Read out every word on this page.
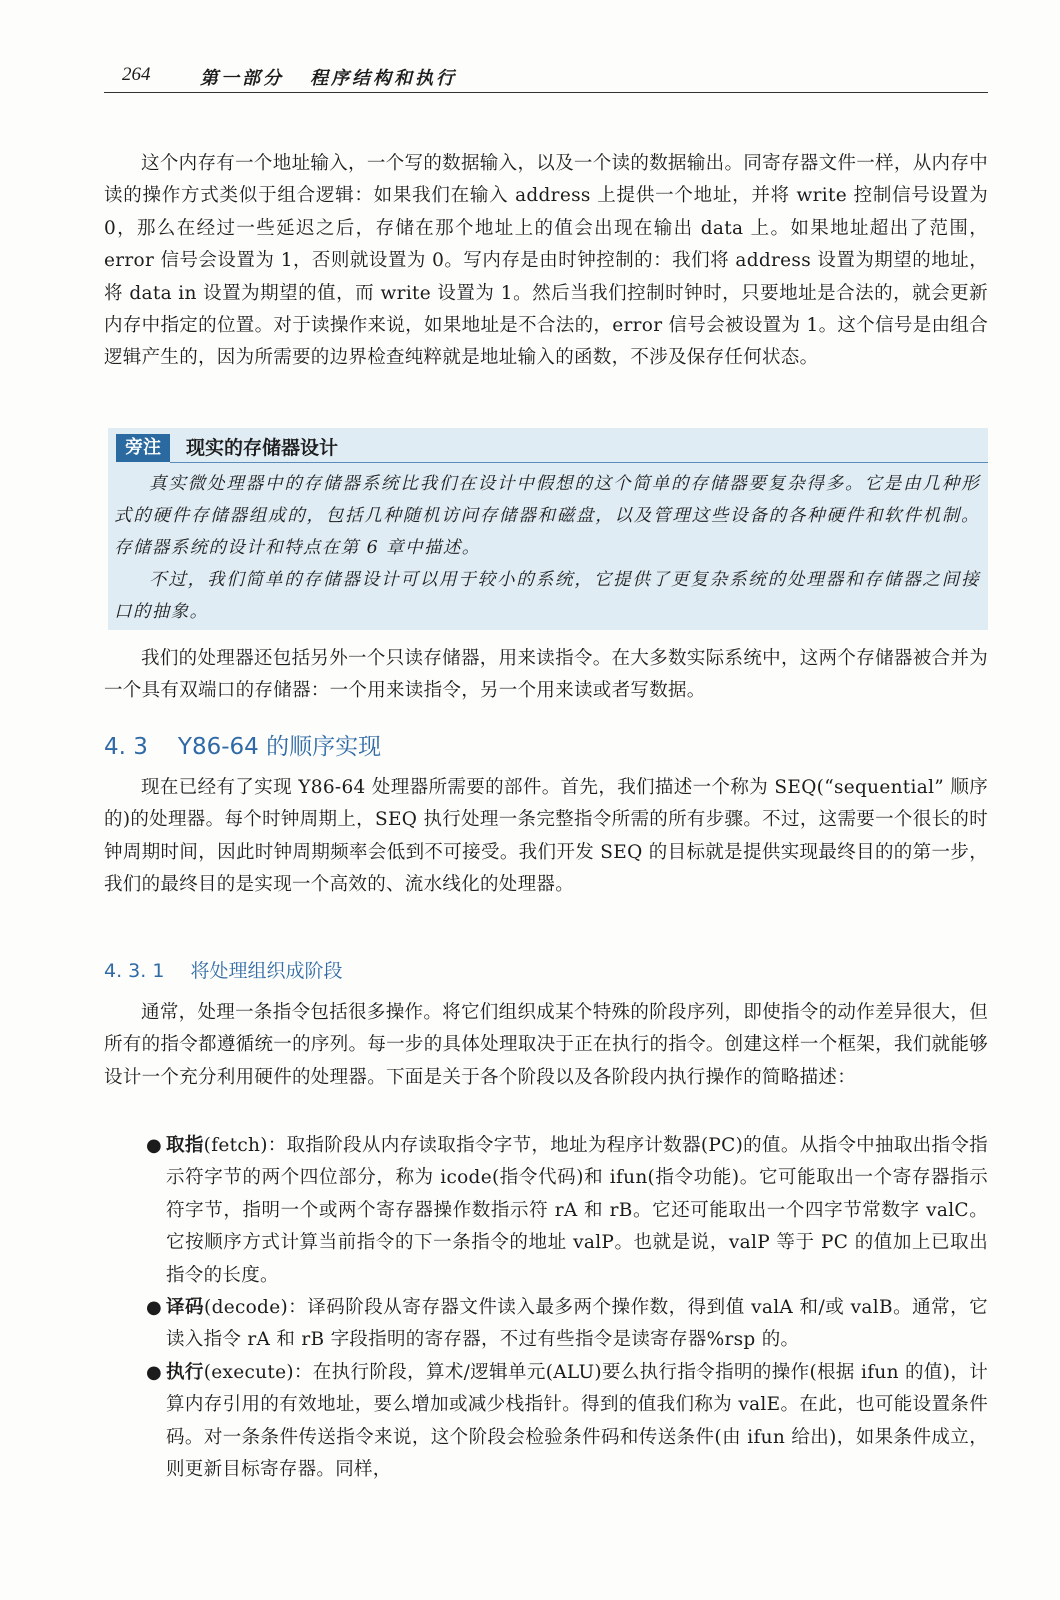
264	第一部分 程序结构和执行

这个内存有一个地址输入，一个写的数据输入，以及一个读的数据输出。同寄存器文件一样，从内存中读的操作方式类似于组合逻辑：如果我们在输入 address 上提供一个地址，并将 write 控制信号设置为 0，那么在经过一些延迟之后，存储在那个地址上的值会出现在输出 data 上。如果地址超出了范围，error 信号会设置为 1，否则就设置为 0。写内存是由时钟控制的：我们将 address 设置为期望的地址，将 data in 设置为期望的值，而 write 设置为 1。然后当我们控制时钟时，只要地址是合法的，就会更新内存中指定的位置。对于读操作来说，如果地址是不合法的，error 信号会被设置为 1。这个信号是由组合逻辑产生的，因为所需要的边界检查纯粹就是地址输入的函数，不涉及保存任何状态。

旁注	现实的存储器设计

真实微处理器中的存储器系统比我们在设计中假想的这个简单的存储器要复杂得多。它是由几种形式的硬件存储器组成的，包括几种随机访问存储器和磁盘，以及管理这些设备的各种硬件和软件机制。存储器系统的设计和特点在第 6 章中描述。

不过，我们简单的存储器设计可以用于较小的系统，它提供了更复杂系统的处理器和存储器之间接口的抽象。

我们的处理器还包括另外一个只读存储器，用来读指令。在大多数实际系统中，这两个存储器被合并为一个具有双端口的存储器：一个用来读指令，另一个用来读或者写数据。

4. 3 Y86-64 的顺序实现

现在已经有了实现 Y86-64 处理器所需要的部件。首先，我们描述一个称为 SEQ(“sequential” 顺序的)的处理器。每个时钟周期上，SEQ 执行处理一条完整指令所需的所有步骤。不过，这需要一个很长的时钟周期时间，因此时钟周期频率会低到不可接受。我们开发 SEQ 的目标就是提供实现最终目的的第一步，我们的最终目的是实现一个高效的、流水线化的处理器。

4. 3. 1 将处理组织成阶段

通常，处理一条指令包括很多操作。将它们组织成某个特殊的阶段序列，即使指令的动作差异很大，但所有的指令都遵循统一的序列。每一步的具体处理取决于正在执行的指令。创建这样一个框架，我们就能够设计一个充分利用硬件的处理器。下面是关于各个阶段以及各阶段内执行操作的简略描述：

● 取指(fetch)：取指阶段从内存读取指令字节，地址为程序计数器(PC)的值。从指令中抽取出指令指示符字节的两个四位部分，称为 icode(指令代码)和 ifun(指令功能)。它可能取出一个寄存器指示符字节，指明一个或两个寄存器操作数指示符 rA 和 rB。它还可能取出一个四字节常数字 valC。它按顺序方式计算当前指令的下一条指令的地址 valP。也就是说，valP 等于 PC 的值加上已取出指令的长度。
● 译码(decode)：译码阶段从寄存器文件读入最多两个操作数，得到值 valA 和/或 valB。通常，它读入指令 rA 和 rB 字段指明的寄存器，不过有些指令是读寄存器%rsp 的。
● 执行(execute)：在执行阶段，算术/逻辑单元(ALU)要么执行指令指明的操作(根据 ifun 的值)，计算内存引用的有效地址，要么增加或减少栈指针。得到的值我们称为 valE。在此，也可能设置条件码。对一条条件传送指令来说，这个阶段会检验条件码和传送条件(由 ifun 给出)，如果条件成立，则更新目标寄存器。同样，
